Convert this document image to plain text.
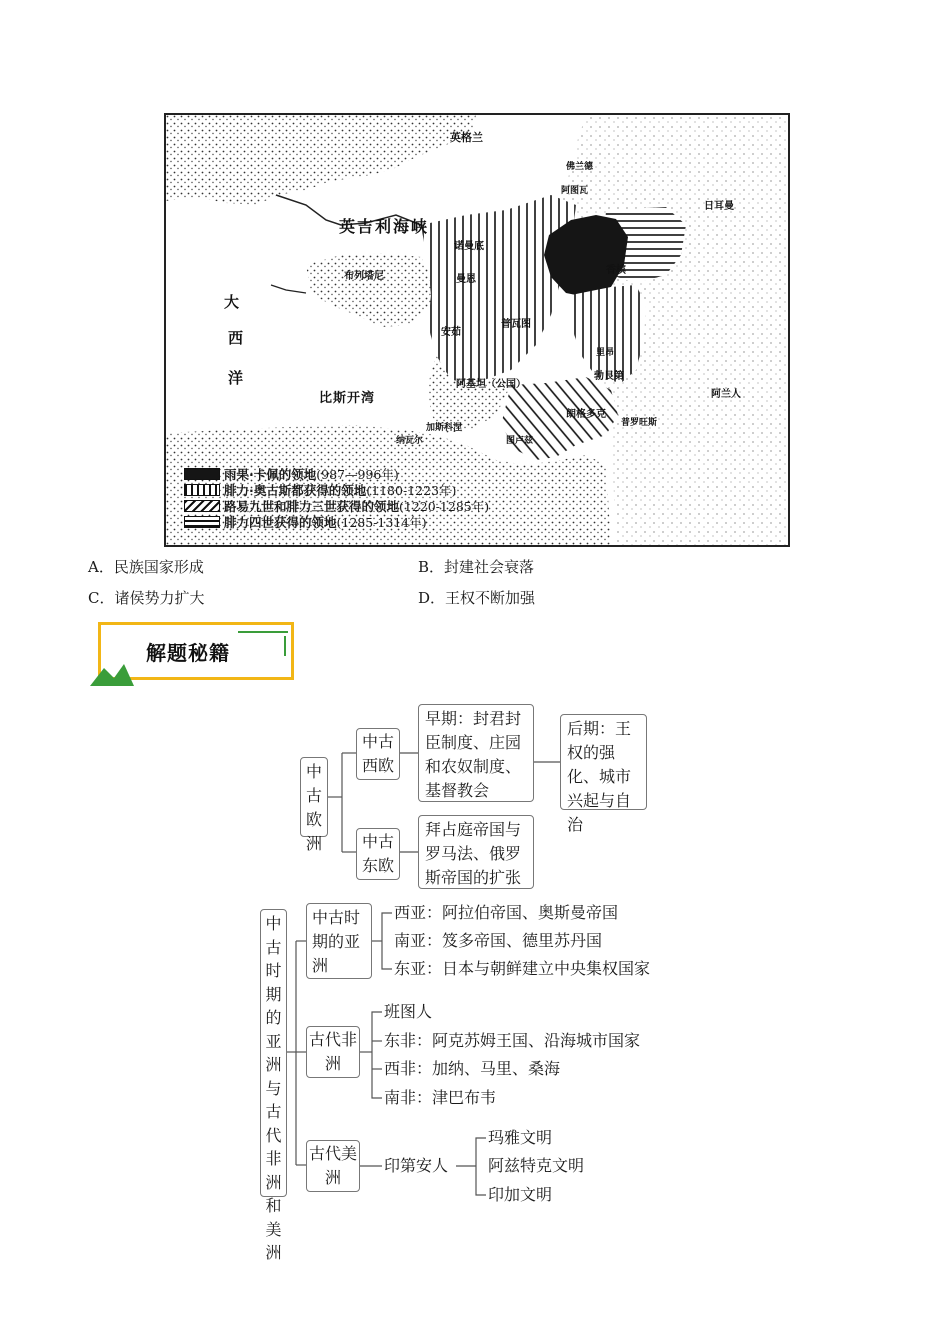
英格兰
英吉利海峡
佛兰德
阿图瓦
诺曼底
布列塔尼	曼恩
安茹
普瓦图
阿基坦（公国）
加斯科涅
朗格多克
香槟
勃艮第
里昂
大
西
洋
比斯开湾
日耳曼
阿兰人
纳瓦尔	图卢兹
普罗旺斯
雨果·卡佩的领地 (987—996年)
腓力·奥古斯都获得的领地 (1180-1223年)
路易九世和腓力三世获得的领地 (1220-1285年)
腓力四世获得的领地 (1285-1314年)
A．民族国家形成	B．封建社会衰落
C．诸侯势力扩大	D．王权不断加强
解题秘籍
中古欧洲
中古西欧
早期：封君封臣制度、庄园和农奴制度、基督教会
后期：王权的强化、城市兴起与自治
中古东欧
拜占庭帝国与罗马法、俄罗斯帝国的扩张
中古时期的亚洲与古代非洲和美洲
中古时期的亚洲
西亚：阿拉伯帝国、奥斯曼帝国
南亚：笈多帝国、德里苏丹国
东亚：日本与朝鲜建立中央集权国家
古代非洲
班图人
东非：阿克苏姆王国、沿海城市国家
西非：加纳、马里、桑海
南非：津巴布韦
古代美洲
印第安人
玛雅文明
阿兹特克文明
印加文明
